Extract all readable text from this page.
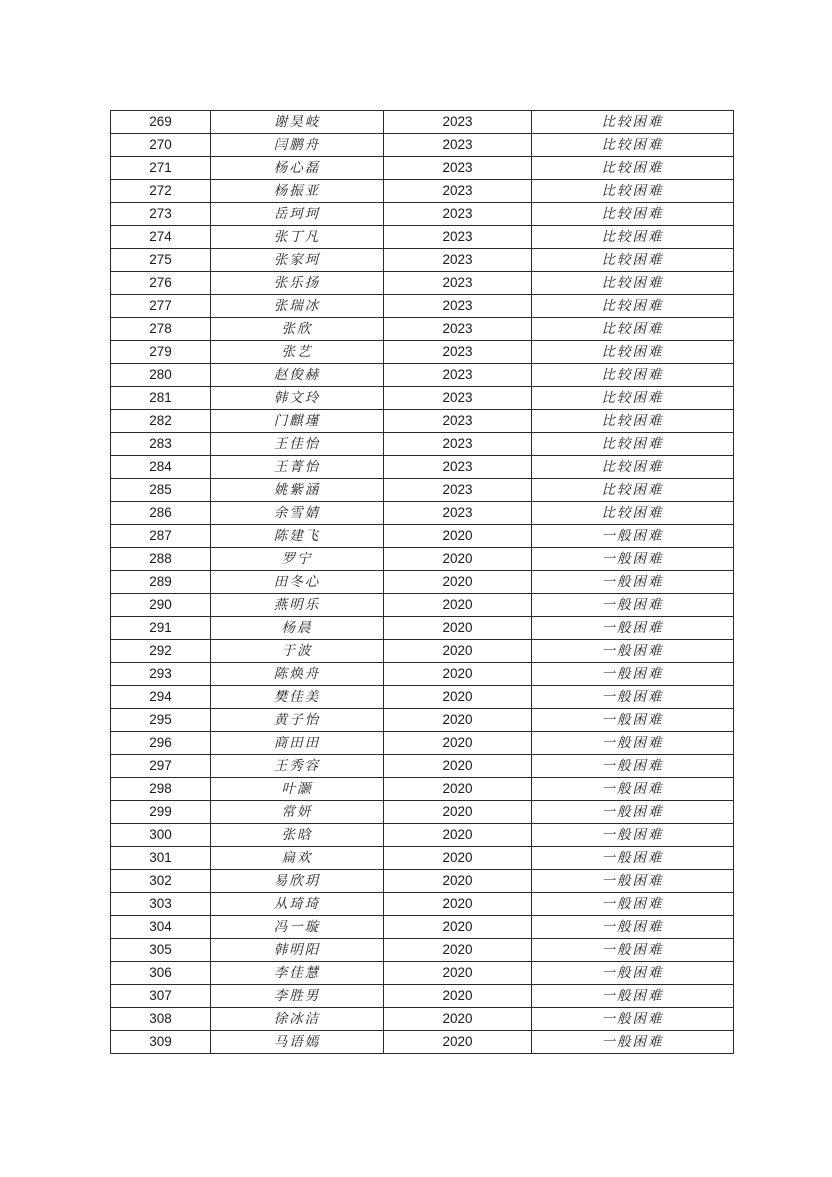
269	谢昊岐	2023	比较困难
270	闫鹏舟	2023	比较困难
271	杨心磊	2023	比较困难
272	杨振亚	2023	比较困难
273	岳珂珂	2023	比较困难
274	张丁凡	2023	比较困难
275	张家珂	2023	比较困难
276	张乐扬	2023	比较困难
277	张瑞冰	2023	比较困难
278	张欣	2023	比较困难
279	张艺	2023	比较困难
280	赵俊赫	2023	比较困难
281	韩文玲	2023	比较困难
282	门麒瑾	2023	比较困难
283	王佳怡	2023	比较困难
284	王菁怡	2023	比较困难
285	姚紫涵	2023	比较困难
286	余雪婧	2023	比较困难
287	陈建飞	2020	一般困难
288	罗宁	2020	一般困难
289	田冬心	2020	一般困难
290	燕明乐	2020	一般困难
291	杨晨	2020	一般困难
292	于波	2020	一般困难
293	陈焕舟	2020	一般困难
294	樊佳美	2020	一般困难
295	黄子怡	2020	一般困难
296	商田田	2020	一般困难
297	王秀容	2020	一般困难
298	叶灏	2020	一般困难
299	常妍	2020	一般困难
300	张晗	2020	一般困难
301	扁欢	2020	一般困难
302	易欣玥	2020	一般困难
303	从琦琦	2020	一般困难
304	冯一璇	2020	一般困难
305	韩明阳	2020	一般困难
306	李佳慧	2020	一般困难
307	李胜男	2020	一般困难
308	徐冰洁	2020	一般困难
309	马语嫣	2020	一般困难
